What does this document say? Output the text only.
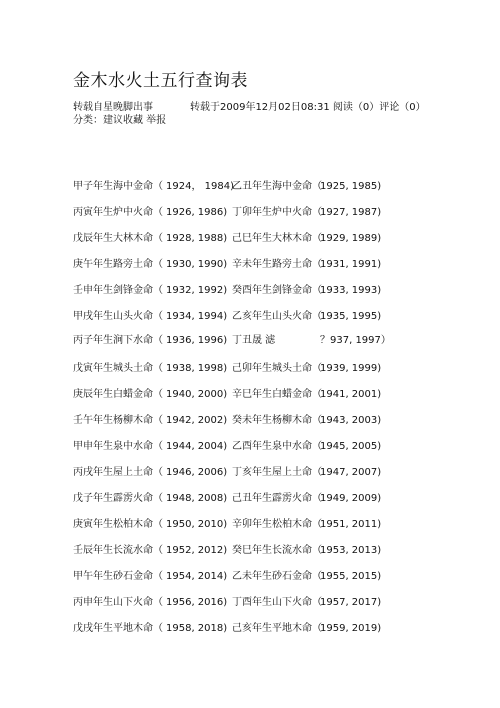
金木水火土五行查询表
转载自星晚脚出事	转载于2009年12月02日08:31 阅读（0）评论（0）
分类：建议收藏 举报
甲子年生海中金命（ 1924， 1984)
乙丑年生海中金命（
1925, 1985)
丙寅年生炉中火命（ 1926, 1986) 丁卯年生炉中火命（
1927, 1987)
戊辰年生大林木命（ 1928, 1988) 己巳年生大林木命（
1929, 1989)
庚午年生路旁土命（ 1930, 1990) 辛未年生路旁土命（
1931, 1991)
壬申年生剑锋金命（ 1932, 1992) 癸酉年生剑锋金命（
1933, 1993)
甲戌年生山头火命（ 1934, 1994) 乙亥年生山头火命（
1935, 1995)
丙子年生涧下水命（ 1936, 1996) 丁丑晟 滤	？937, 1997）
戊寅年生城头土命（ 1938, 1998) 己卯年生城头土命（
1939, 1999)
庚辰年生白蜡金命（ 1940, 2000) 辛巳年生白蜡金命（
1941, 2001)
壬午年生杨柳木命（ 1942, 2002) 癸未年生杨柳木命（
1943, 2003)
甲申年生泉中水命（ 1944, 2004) 乙酉年生泉中水命（
1945, 2005)
丙戌年生屋上土命（ 1946, 2006) 丁亥年生屋上土命（
1947, 2007)
戊子年生霹雳火命（ 1948, 2008) 己丑年生霹雳火命（
1949, 2009)
庚寅年生松柏木命（ 1950, 2010) 辛卯年生松柏木命（
1951, 2011)
壬辰年生长流水命（ 1952, 2012) 癸巳年生长流水命（
1953, 2013)
甲午年生砂石金命（ 1954, 2014) 乙未年生砂石金命（
1955, 2015)
丙申年生山下火命（ 1956, 2016) 丁酉年生山下火命（
1957, 2017)
戊戌年生平地木命（ 1958, 2018) 己亥年生平地木命（
1959, 2019)
